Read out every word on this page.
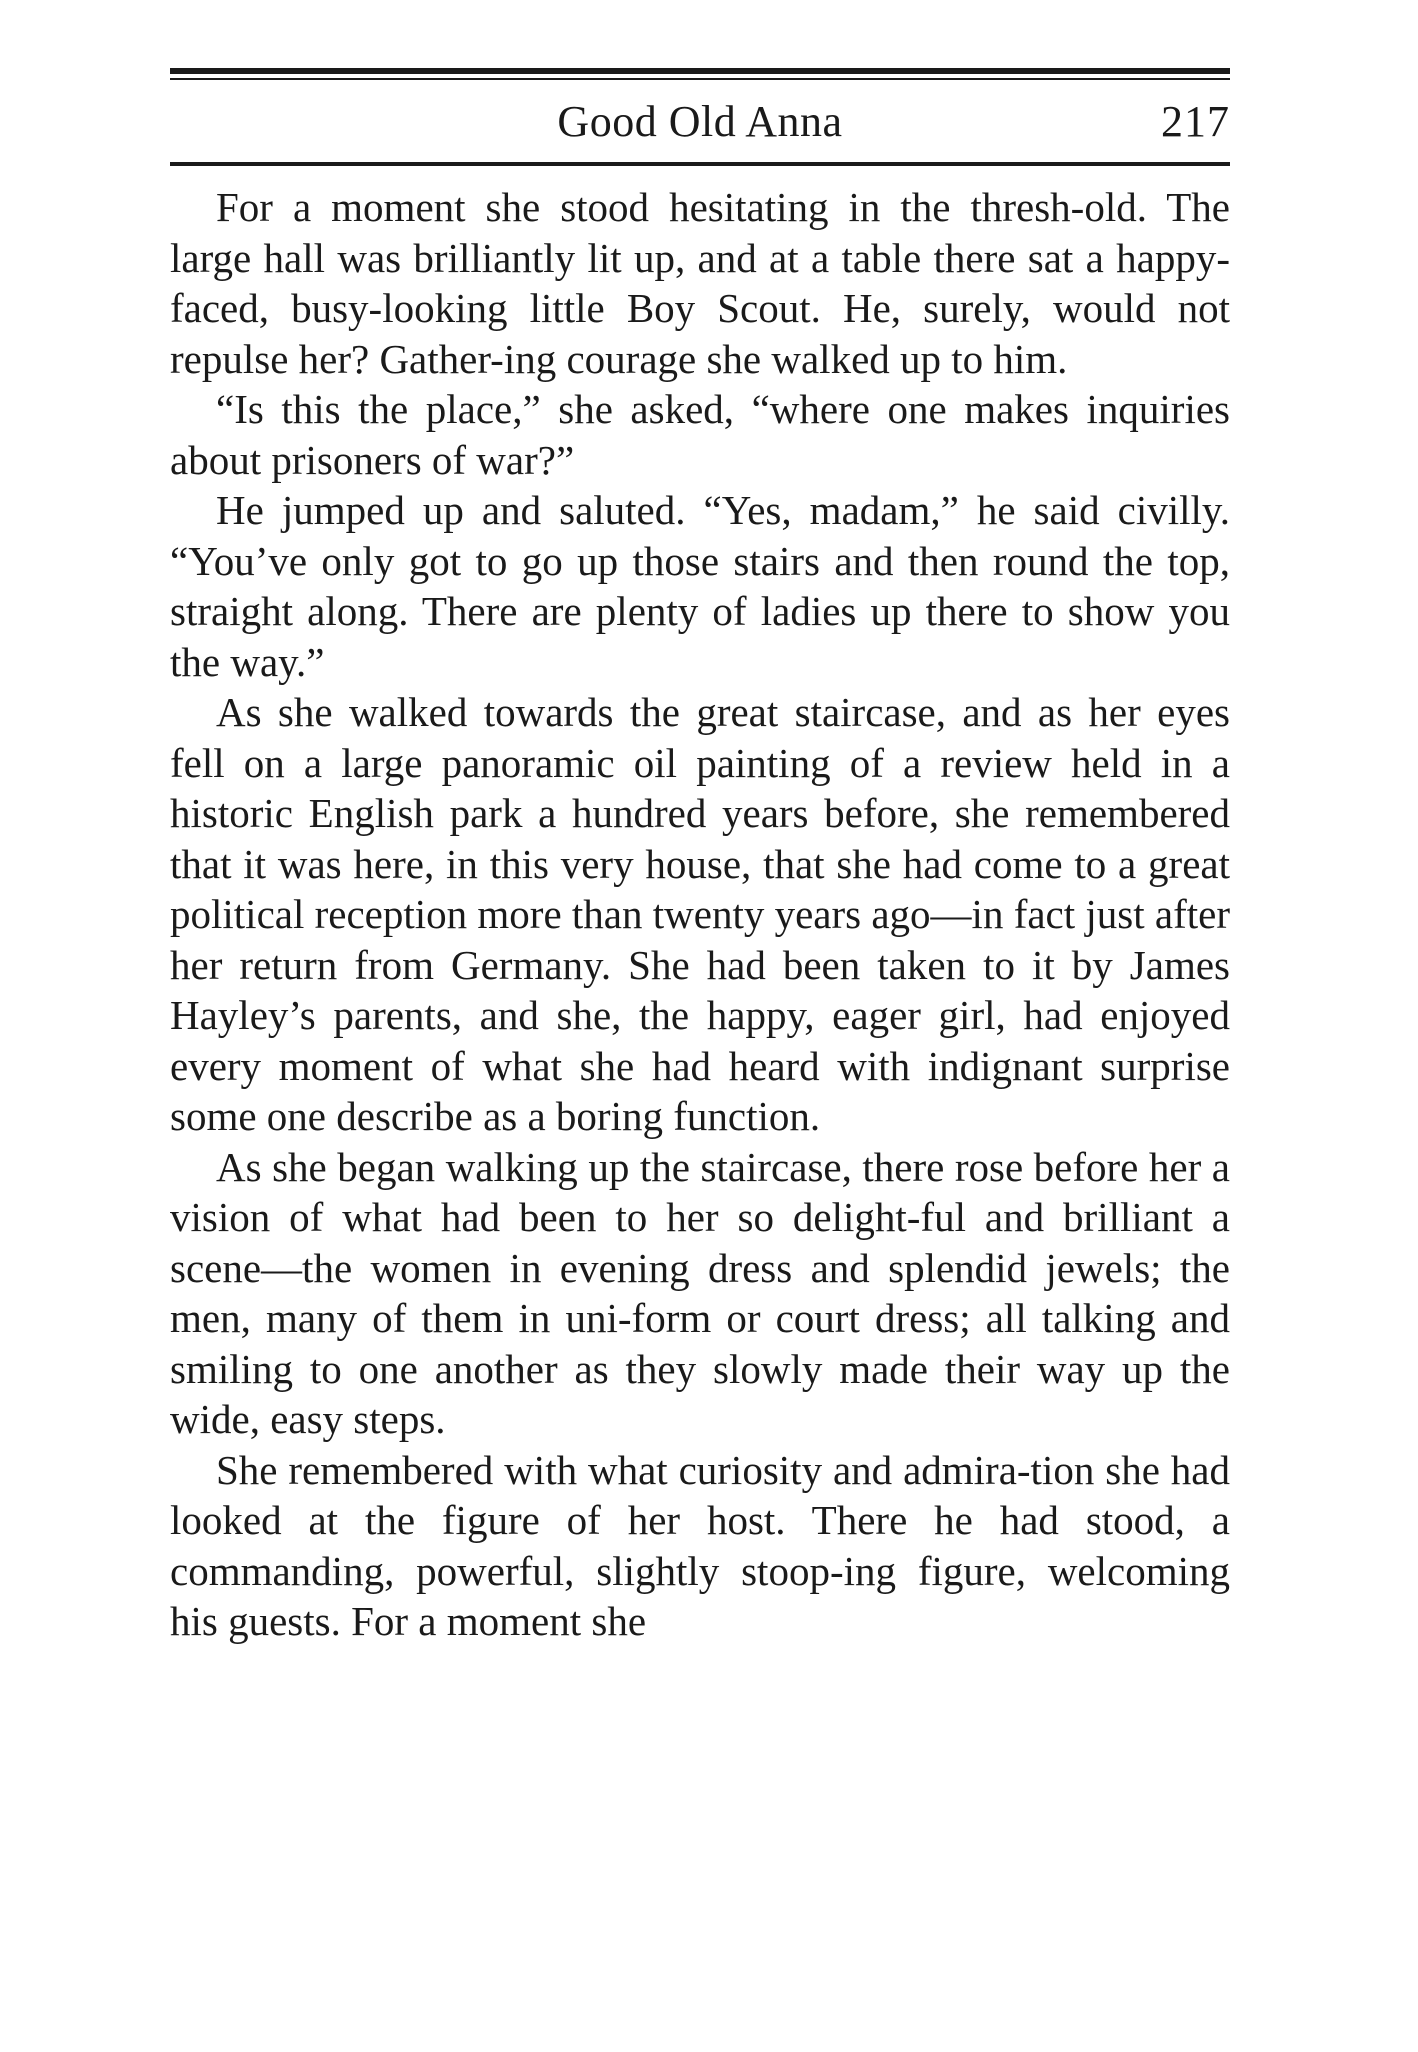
Good Old Anna	217

For a moment she stood hesitating in the thresh-old. The large hall was brilliantly lit up, and at a table there sat a happy-faced, busy-looking little Boy Scout. He, surely, would not repulse her? Gather-ing courage she walked up to him.

“Is this the place,” she asked, “where one makes inquiries about prisoners of war?”

He jumped up and saluted. “Yes, madam,” he said civilly. “You’ve only got to go up those stairs and then round the top, straight along. There are plenty of ladies up there to show you the way.”

As she walked towards the great staircase, and as her eyes fell on a large panoramic oil painting of a review held in a historic English park a hundred years before, she remembered that it was here, in this very house, that she had come to a great political reception more than twenty years ago—in fact just after her return from Germany. She had been taken to it by James Hayley’s parents, and she, the happy, eager girl, had enjoyed every moment of what she had heard with indignant surprise some one describe as a boring function.

As she began walking up the staircase, there rose before her a vision of what had been to her so delight-ful and brilliant a scene—the women in evening dress and splendid jewels; the men, many of them in uni-form or court dress; all talking and smiling to one another as they slowly made their way up the wide, easy steps.

She remembered with what curiosity and admira-tion she had looked at the figure of her host. There he had stood, a commanding, powerful, slightly stoop-ing figure, welcoming his guests. For a moment she
